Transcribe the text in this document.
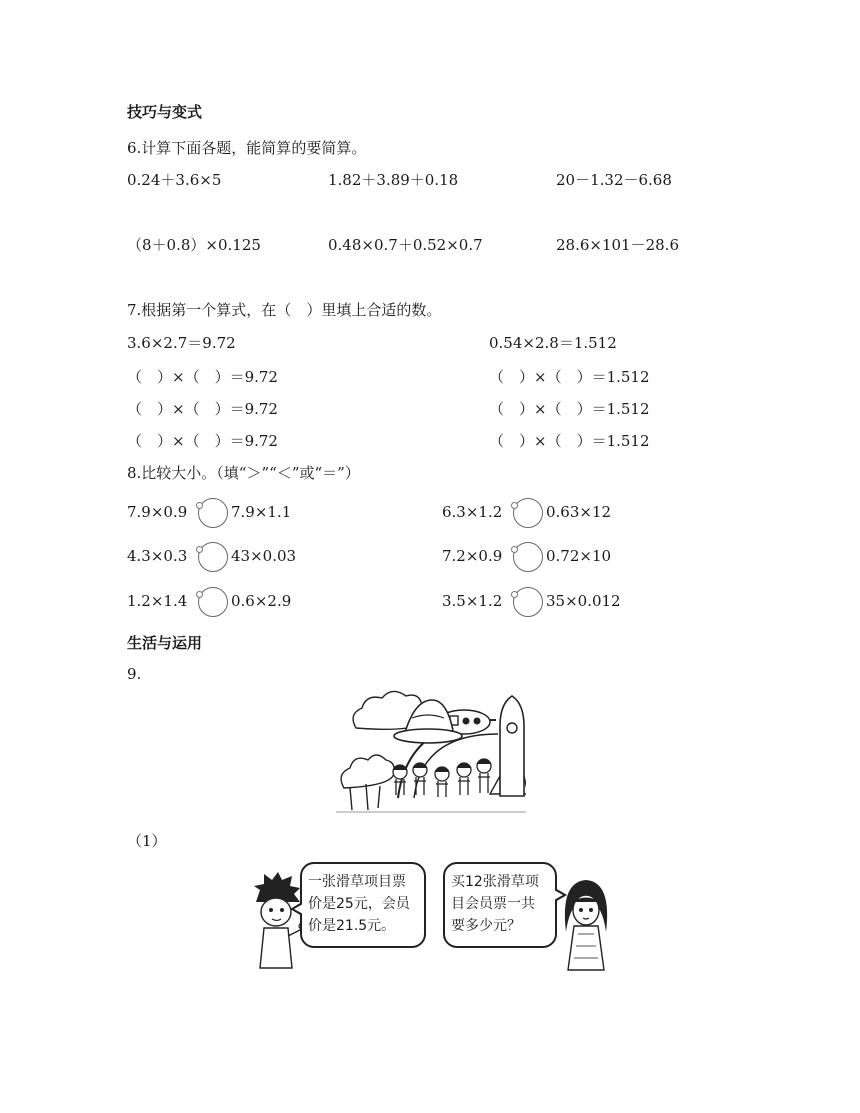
技巧与变式
6.计算下面各题，能简算的要简算。
0.24＋3.6×5	1.82＋3.89＋0.18	20－1.32－6.68
（8＋0.8）×0.125	0.48×0.7＋0.52×0.7	28.6×101－28.6
7.根据第一个算式，在（　）里填上合适的数。
3.6×2.7＝9.72	0.54×2.8＝1.512
（　）×（　）＝9.72	（　）×（　）＝1.512
（　）×（　）＝9.72	（　）×（　）＝1.512
（　）×（　）＝9.72	（　）×（　）＝1.512
8.比较大小。（填“＞”“＜”或“＝”）
7.9×0.9	7.9×1.1	6.3×1.2	0.63×12
4.3×0.3	43×0.03	7.2×0.9	0.72×10
1.2×1.4	0.6×2.9	3.5×1.2	35×0.012
生活与运用
9.
（1）
一张滑草项目票
价是25元，会员
价是21.5元。
买12张滑草项
目会员票一共
要多少元？
